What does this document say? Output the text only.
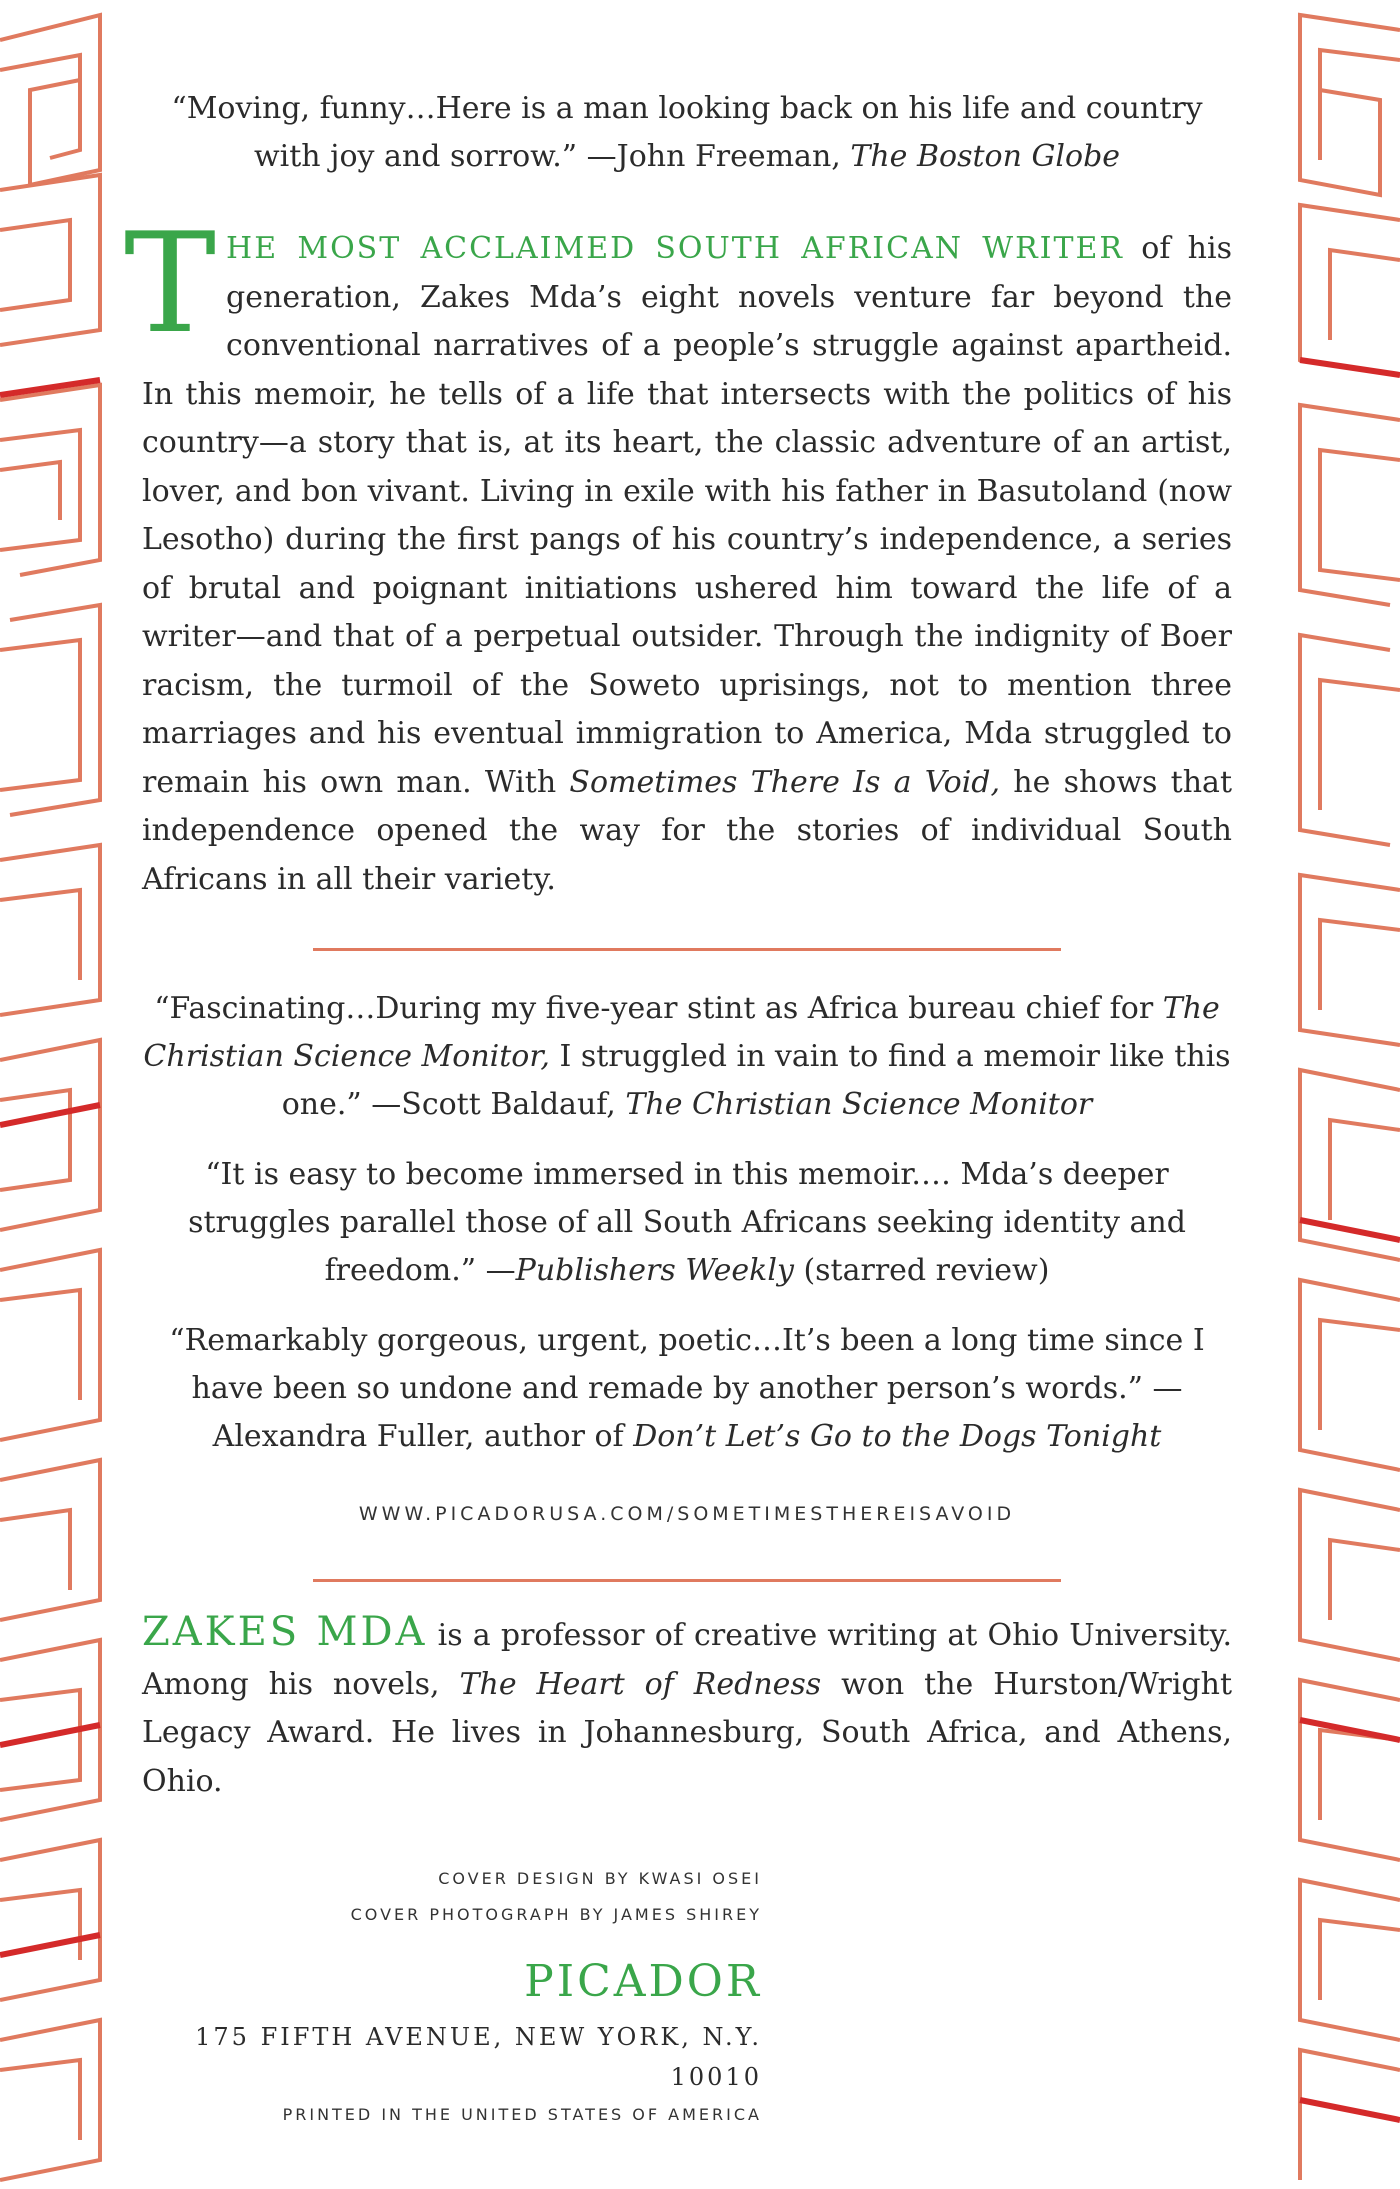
“Moving, funny…Here is a man looking back on his life and country with joy and sorrow.” —John Freeman, The Boston Globe

THE MOST ACCLAIMED SOUTH AFRICAN WRITER of his generation, Zakes Mda’s eight novels venture far beyond the conventional narratives of a people’s struggle against apartheid. In this memoir, he tells of a life that intersects with the politics of his country—a story that is, at its heart, the classic adventure of an artist, lover, and bon vivant. Living in exile with his father in Basutoland (now Lesotho) during the first pangs of his country’s independence, a series of brutal and poignant initiations ushered him toward the life of a writer—and that of a perpetual outsider. Through the indignity of Boer racism, the turmoil of the Soweto uprisings, not to mention three marriages and his eventual immigration to America, Mda struggled to remain his own man. With Sometimes There Is a Void, he shows that independence opened the way for the stories of individual South Africans in all their variety.

“Fascinating…During my five-year stint as Africa bureau chief for The Christian Science Monitor, I struggled in vain to find a memoir like this one.” —Scott Baldauf, The Christian Science Monitor

“It is easy to become immersed in this memoir.… Mda’s deeper struggles parallel those of all South Africans seeking identity and freedom.” —Publishers Weekly (starred review)

“Remarkably gorgeous, urgent, poetic…It’s been a long time since I have been so undone and remade by another person’s words.” —Alexandra Fuller, author of Don’t Let’s Go to the Dogs Tonight

WWW.PICADORUSA.COM/SOMETIMESTHEREISAVOID

ZAKES MDA is a professor of creative writing at Ohio University. Among his novels, The Heart of Redness won the Hurston/Wright Legacy Award. He lives in Johannesburg, South Africa, and Athens, Ohio.

COVER DESIGN BY KWASI OSEI

COVER PHOTOGRAPH BY JAMES SHIREY

PICADOR

175 FIFTH AVENUE, NEW YORK, N.Y. 10010

PRINTED IN THE UNITED STATES OF AMERICA
